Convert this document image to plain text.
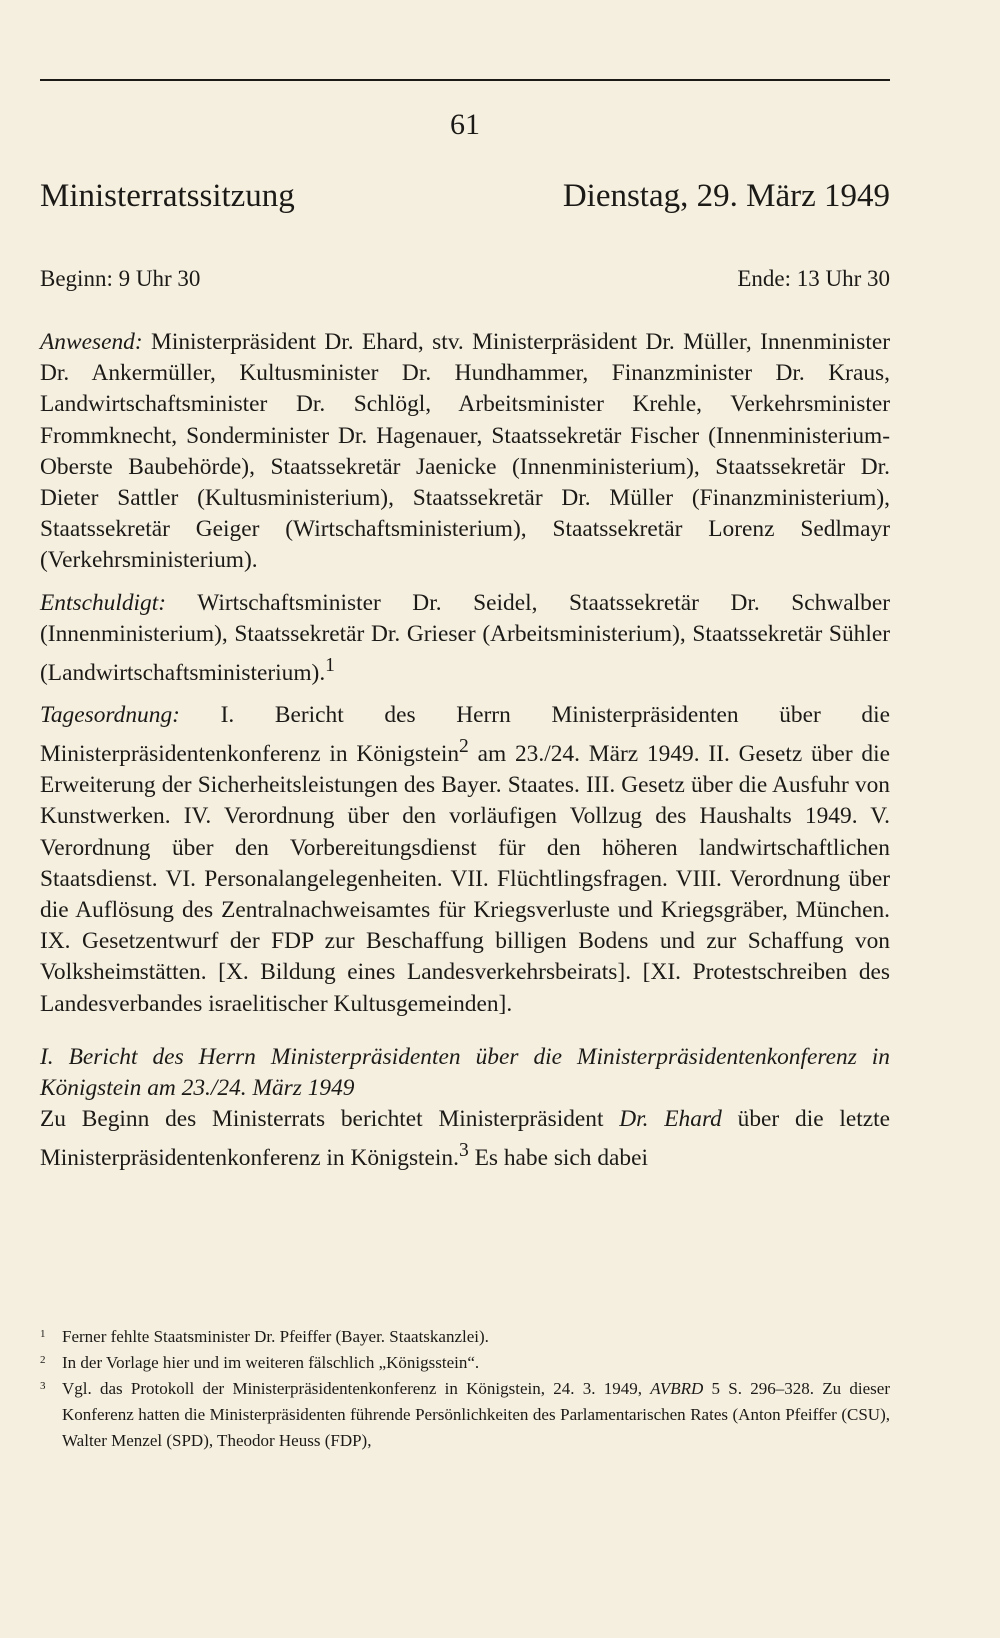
61
Ministerratssitzung	Dienstag, 29. März 1949
Beginn: 9 Uhr 30	Ende: 13 Uhr 30

Anwesend: Ministerpräsident Dr. Ehard, stv. Ministerpräsident Dr. Müller, Innenminister Dr. Ankermüller, Kultusminister Dr. Hundhammer, Finanzminister Dr. Kraus, Landwirtschaftsminister Dr. Schlögl, Arbeitsminister Krehle, Verkehrsminister Frommknecht, Sonderminister Dr. Hagenauer, Staatssekretär Fischer (Innenministerium-Oberste Baubehörde), Staatssekretär Jaenicke (Innenministerium), Staatssekretär Dr. Dieter Sattler (Kultusministerium), Staatssekretär Dr. Müller (Finanzministerium), Staatssekretär Geiger (Wirtschaftsministerium), Staatssekretär Lorenz Sedlmayr (Verkehrsministerium).

Entschuldigt: Wirtschaftsminister Dr. Seidel, Staatssekretär Dr. Schwalber (Innenministerium), Staatssekretär Dr. Grieser (Arbeitsministerium), Staatssekretär Sühler (Landwirtschaftsministerium).$^1$

Tagesordnung: I. Bericht des Herrn Ministerpräsidenten über die Ministerpräsidentenkonferenz in Königstein$^2$ am 23./24. März 1949. II. Gesetz über die Erweiterung der Sicherheitsleistungen des Bayer. Staates. III. Gesetz über die Ausfuhr von Kunstwerken. IV. Verordnung über den vorläufigen Vollzug des Haushalts 1949. V. Verordnung über den Vorbereitungsdienst für den höheren landwirtschaftlichen Staatsdienst. VI. Personalangelegenheiten. VII. Flüchtlingsfragen. VIII. Verordnung über die Auflösung des Zentralnachweisamtes für Kriegsverluste und Kriegsgräber, München. IX. Gesetzentwurf der FDP zur Beschaffung billigen Bodens und zur Schaffung von Volksheimstätten. [X. Bildung eines Landesverkehrsbeirats]. [XI. Protestschreiben des Landesverbandes israelitischer Kultusgemeinden].

I. Bericht des Herrn Ministerpräsidenten über die Ministerpräsidentenkonferenz in Königstein am 23./24. März 1949

Zu Beginn des Ministerrats berichtet Ministerpräsident Dr. Ehard über die letzte Ministerpräsidentenkonferenz in Königstein.$^3$ Es habe sich dabei

1 Ferner fehlte Staatsminister Dr. Pfeiffer (Bayer. Staatskanzlei).
2 In der Vorlage hier und im weiteren fälschlich „Königsstein“.
3 Vgl. das Protokoll der Ministerpräsidentenkonferenz in Königstein, 24. 3. 1949, AVBRD 5 S. 296–328. Zu dieser Konferenz hatten die Ministerpräsidenten führende Persönlichkeiten des Parlamentarischen Rates (Anton Pfeiffer (CSU), Walter Menzel (SPD), Theodor Heuss (FDP),
